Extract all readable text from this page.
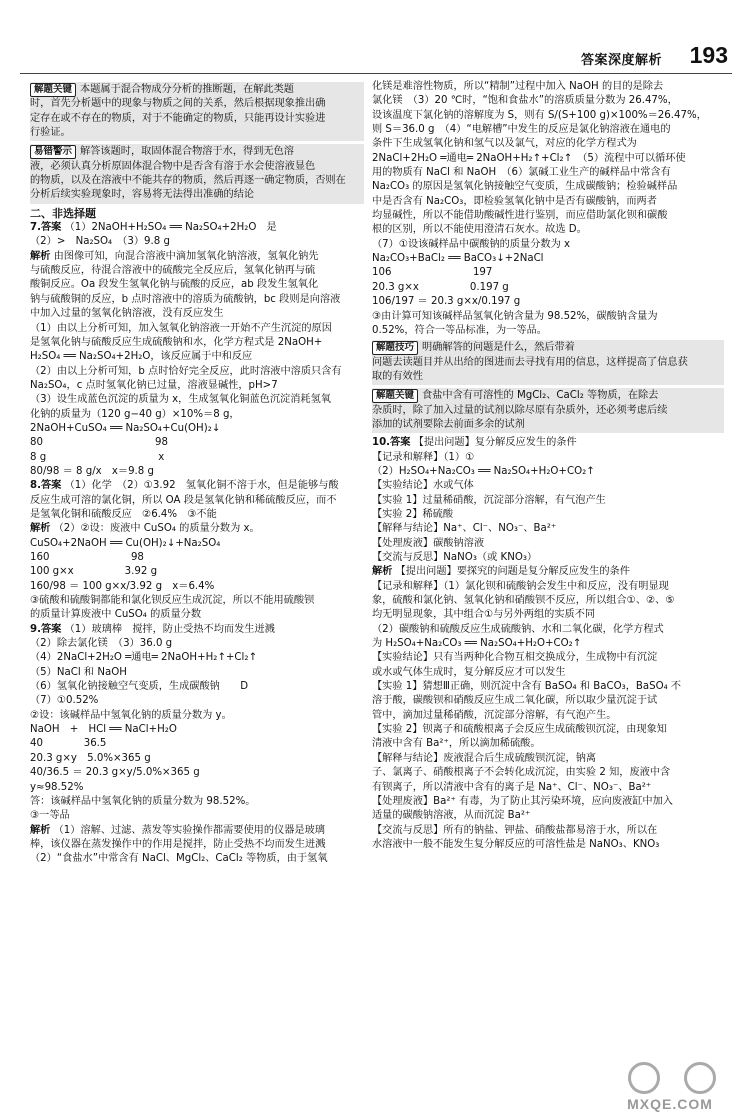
答案深度解析 193

解题关键 本题属于混合物成分分析的推断题，在解此类题

时，首先分析题中的现象与物质之间的关系，然后根据现象推出确

定存在或不存在的物质，对于不能确定的物质，只能再设计实验进

行验证。

易错警示 解答该题时，取固体混合物溶于水，得到无色溶

液，必须认真分析原固体混合物中是否含有溶于水会使溶液显色

的物质，以及在溶液中不能共存的物质，然后再逐一确定物质，否则在

分析后续实验现象时，容易将无法得出准确的结论

二、非选择题

7.答案 （1）2NaOH+H₂SO₄ ══ Na₂SO₄+2H₂O　是

（2）>　Na₂SO₄　（3）9.8 g

解析 由图像可知，向混合溶液中滴加氢氧化钠溶液，氢氧化钠先

与硫酸反应，待混合溶液中的硫酸完全反应后，氢氧化钠再与硫

酸铜反应。Oa 段发生氢氧化钠与硫酸的反应，ab 段发生氢氧化

钠与硫酸铜的反应，b 点时溶液中的溶质为硫酸钠，bc 段则是向溶液

中加入过量的氢氧化钠溶液，没有反应发生

（1）由以上分析可知，加入氢氧化钠溶液一开始不产生沉淀的原因

是氢氧化钠与硫酸反应生成硫酸钠和水，化学方程式是 2NaOH+

H₂SO₄ ══ Na₂SO₄+2H₂O，该反应属于中和反应

（2）由以上分析可知，b 点时恰好完全反应，此时溶液中溶质只含有

Na₂SO₄，c 点时氢氧化钠已过量，溶液显碱性，pH>7

（3）设生成蓝色沉淀的质量为 x，生成氢氧化铜蓝色沉淀消耗氢氧

化钠的质量为（120 g−40 g）×10%＝8 g，

2NaOH+CuSO₄ ══ Na₂SO₄+Cu(OH)₂↓

80　　　　　　　　　　　98

8 g　　　　　　　　　　　x

80/98 ＝ 8 g/x　x＝9.8 g

8.答案 （1）化学　（2）①3.92　氢氧化铜不溶于水，但是能够与酸

反应生成可溶的氯化铜，所以 OA 段是氢氧化钠和稀硫酸反应，而不

是氢氧化铜和硫酸反应　②6.4%　③不能

解析 （2）②设：废液中 CuSO₄ 的质量分数为 x。

CuSO₄+2NaOH ══ Cu(OH)₂↓+Na₂SO₄

160　　　　　　　　98

100 g×x　　　　　3.92 g

160/98 ＝ 100 g×x/3.92 g　x＝6.4%

③硫酸和硫酸铜都能和氯化钡反应生成沉淀，所以不能用硫酸钡

的质量计算废液中 CuSO₄ 的质量分数

9.答案 （1）玻璃棒　搅拌，防止受热不均而发生迸溅

（2）除去氯化镁　（3）36.0 g

（4）2NaCl+2H₂O ═通电═ 2NaOH+H₂↑+Cl₂↑

（5）NaCl 和 NaOH

（6）氢氧化钠接触空气变质，生成碳酸钠　　D

（7）①0.52%

②设：该碱样品中氢氧化钠的质量分数为 y。

NaOH　+　HCl ══ NaCl+H₂O

40　　　　36.5

20.3 g×y　5.0%×365 g

40/36.5 ＝ 20.3 g×y/5.0%×365 g

y≈98.52%

答：该碱样品中氢氧化钠的质量分数为 98.52%。

③一等品

解析 （1）溶解、过滤、蒸发等实验操作都需要使用的仪器是玻璃

棒，该仪器在蒸发操作中的作用是搅拌，防止受热不均而发生迸溅

（2）“食盐水”中常含有 NaCl、MgCl₂、CaCl₂ 等物质，由于氢氧

化镁是难溶性物质，所以“精制”过程中加入 NaOH 的目的是除去

氯化镁　（3）20 ℃时，“饱和食盐水”的溶质质量分数为 26.47%，

设该温度下氯化钠的溶解度为 S，则有 S/(S+100 g)×100%＝26.47%，

则 S＝36.0 g　（4）“电解槽”中发生的反应是氯化钠溶液在通电的

条件下生成氢氧化钠和氢气以及氯气，对应的化学方程式为

2NaCl+2H₂O ═通电═ 2NaOH+H₂↑+Cl₂↑　（5）流程中可以循环使

用的物质有 NaCl 和 NaOH　（6）氯碱工业生产的碱样品中常含有

Na₂CO₃ 的原因是氢氧化钠接触空气变质，生成碳酸钠；检验碱样品

中是否含有 Na₂CO₃，即检验氢氧化钠中是否有碳酸钠，而两者

均显碱性，所以不能借助酸碱性进行鉴别，而应借助氯化钡和碳酸

根的区别，所以不能使用澄清石灰水。故选 D。

（7）①设该碱样品中碳酸钠的质量分数为 x

Na₂CO₃+BaCl₂ ══ BaCO₃↓+2NaCl

106　　　　　　　　197

20.3 g×x　　　　　0.197 g

106/197 ＝ 20.3 g×x/0.197 g

③由计算可知该碱样品氢氧化钠含量为 98.52%，碳酸钠含量为

0.52%，符合一等品标准，为一等品。

解题技巧 明确解答的问题是什么，然后带着

问题去读题目并从出给的图进而去寻找有用的信息，这样提高了信息获

取的有效性

解题关键 食盐中含有可溶性的 MgCl₂、CaCl₂ 等物质，在除去

杂质时，除了加入过量的试剂以除尽原有杂质外，还必须考虑后续

添加的试剂要除去前面多余的试剂

10.答案 【提出问题】复分解反应发生的条件

【记录和解释】（1）①

（2）H₂SO₄+Na₂CO₃ ══ Na₂SO₄+H₂O+CO₂↑

【实验结论】水或气体

【实验 1】过量稀硝酸，沉淀部分溶解，有气泡产生

【实验 2】稀硫酸

【解释与结论】Na⁺、Cl⁻、NO₃⁻、Ba²⁺

【处理废液】碳酸钠溶液

【交流与反思】NaNO₃（或 KNO₃）

解析 【提出问题】要探究的问题是复分解反应发生的条件

【记录和解释】（1）氯化钡和硫酸钠会发生中和反应，没有明显现

象，硫酸和氯化钠、氢氧化钠和硝酸钡不反应，所以组合①、②、⑤

均无明显现象，其中组合①与另外两组的实质不同

（2）碳酸钠和硫酸反应生成硫酸钠、水和二氧化碳，化学方程式

为 H₂SO₄+Na₂CO₃ ══ Na₂SO₄+H₂O+CO₂↑

【实验结论】只有当两种化合物互相交换成分，生成物中有沉淀

或水或气体生成时，复分解反应才可以发生

【实验 1】猜想Ⅲ正确，则沉淀中含有 BaSO₄ 和 BaCO₃，BaSO₄ 不

溶于酸，碳酸钡和硝酸反应生成二氧化碳，所以取少量沉淀于试

管中，滴加过量稀硝酸，沉淀部分溶解，有气泡产生。

【实验 2】钡离子和硫酸根离子会反应生成硫酸钡沉淀，由现象知

清液中含有 Ba²⁺，所以滴加稀硫酸。

【解释与结论】废液混合后生成硫酸钡沉淀，钠离

子、氯离子、硝酸根离子不会转化成沉淀，由实验 2 知，废液中含

有钡离子，所以清液中含有的离子是 Na⁺、Cl⁻、NO₃⁻、Ba²⁺

【处理废液】Ba²⁺ 有毒，为了防止其污染环境，应向废液缸中加入

适量的碳酸钠溶液，从而沉淀 Ba²⁺

【交流与反思】所有的钠盐、钾盐、硝酸盐都易溶于水，所以在

水溶液中一般不能发生复分解反应的可溶性盐是 NaNO₃、KNO₃

MXQE.COM
